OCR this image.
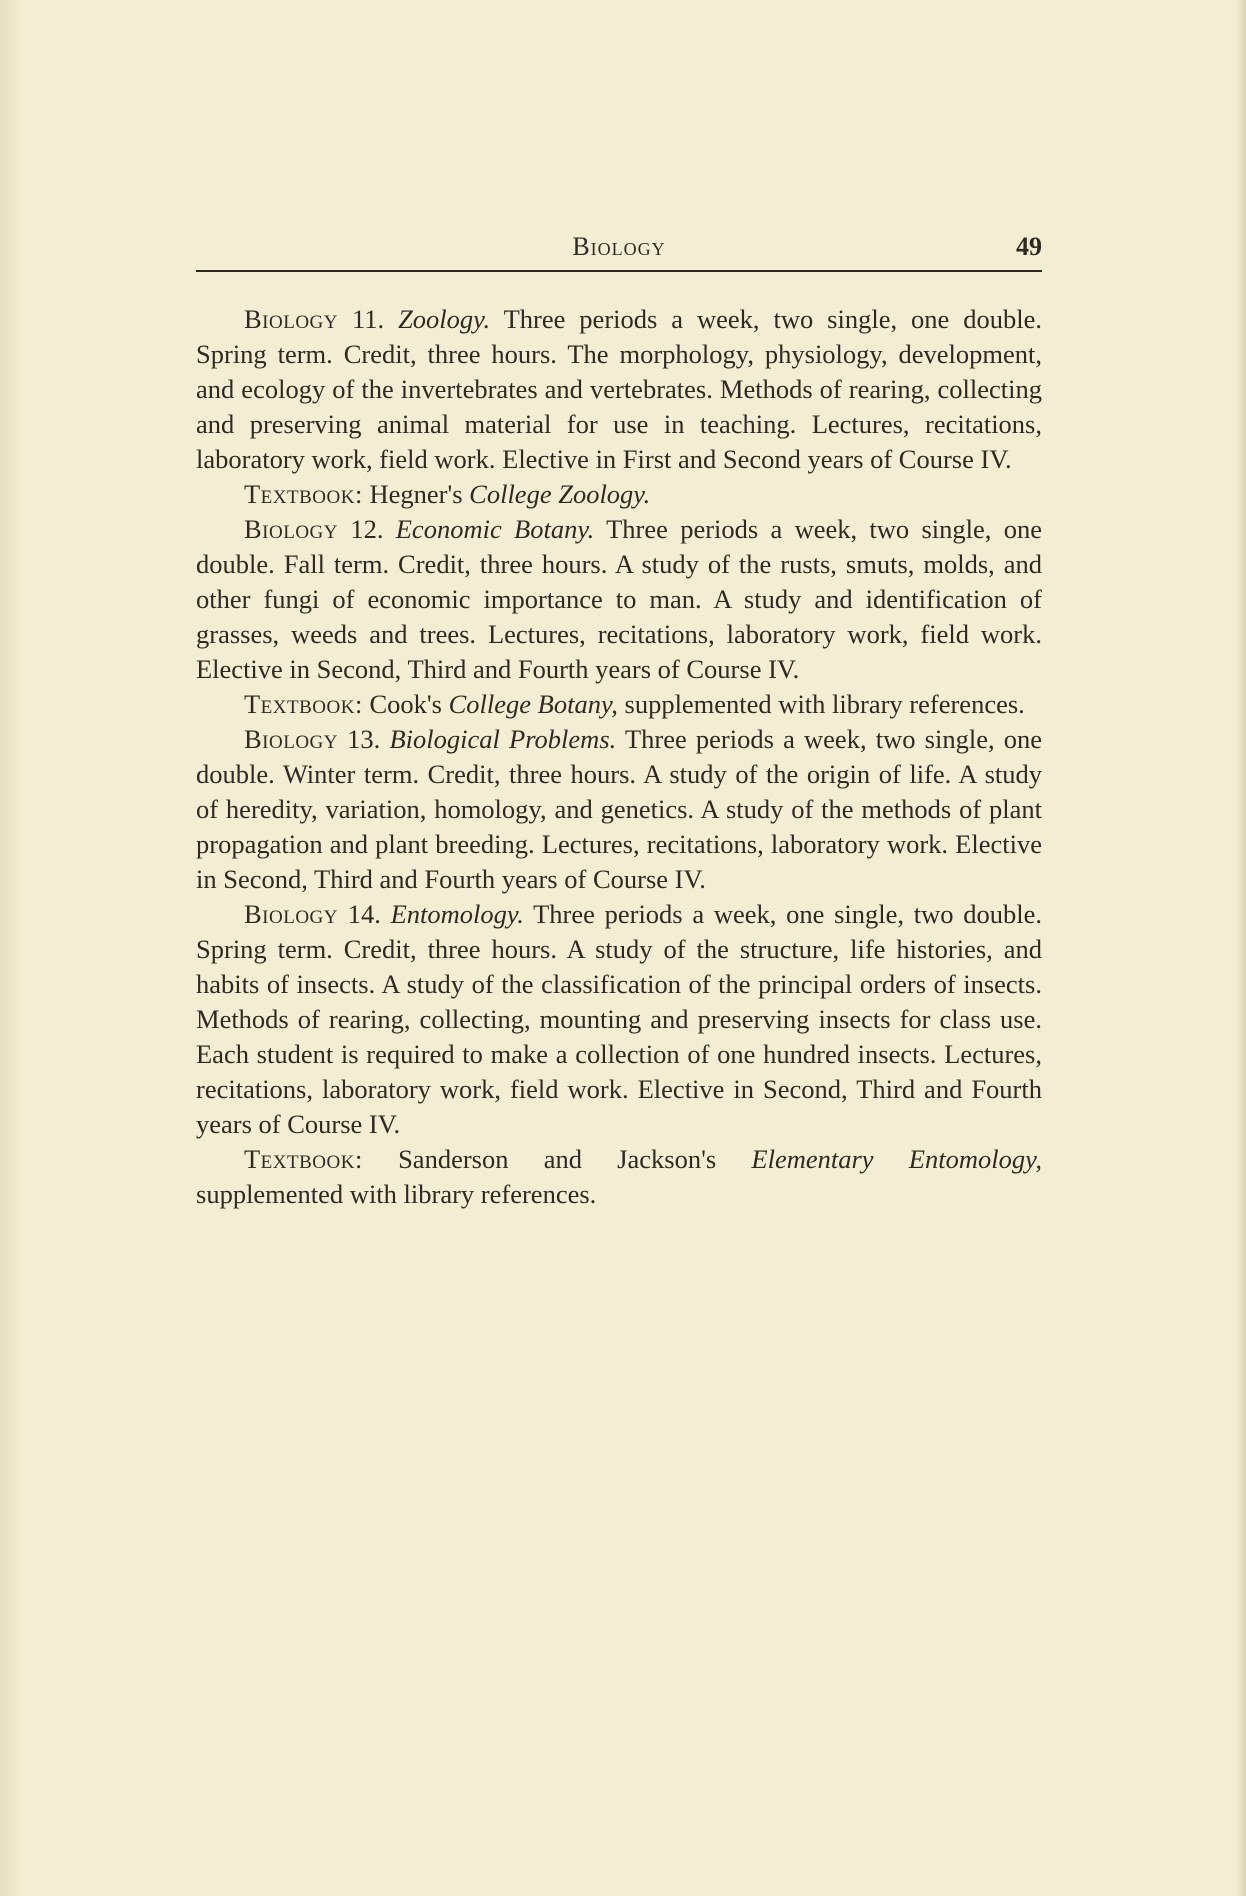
Biology	49

Biology 11. Zoology. Three periods a week, two single, one double. Spring term. Credit, three hours. The morphology, physiology, development, and ecology of the invertebrates and vertebrates. Methods of rearing, collecting and preserving animal material for use in teaching. Lectures, recitations, laboratory work, field work. Elective in First and Second years of Course IV.

Textbook: Hegner's College Zoology.

Biology 12. Economic Botany. Three periods a week, two single, one double. Fall term. Credit, three hours. A study of the rusts, smuts, molds, and other fungi of economic importance to man. A study and identification of grasses, weeds and trees. Lectures, recitations, laboratory work, field work. Elective in Second, Third and Fourth years of Course IV.

Textbook: Cook's College Botany, supplemented with library references.

Biology 13. Biological Problems. Three periods a week, two single, one double. Winter term. Credit, three hours. A study of the origin of life. A study of heredity, variation, homology, and genetics. A study of the methods of plant propagation and plant breeding. Lectures, recitations, laboratory work. Elective in Second, Third and Fourth years of Course IV.

Biology 14. Entomology. Three periods a week, one single, two double. Spring term. Credit, three hours. A study of the structure, life histories, and habits of insects. A study of the classification of the principal orders of insects. Methods of rearing, collecting, mounting and preserving insects for class use. Each student is required to make a collection of one hundred insects. Lectures, recitations, laboratory work, field work. Elective in Second, Third and Fourth years of Course IV.

Textbook: Sanderson and Jackson's Elementary Entomology, supplemented with library references.
